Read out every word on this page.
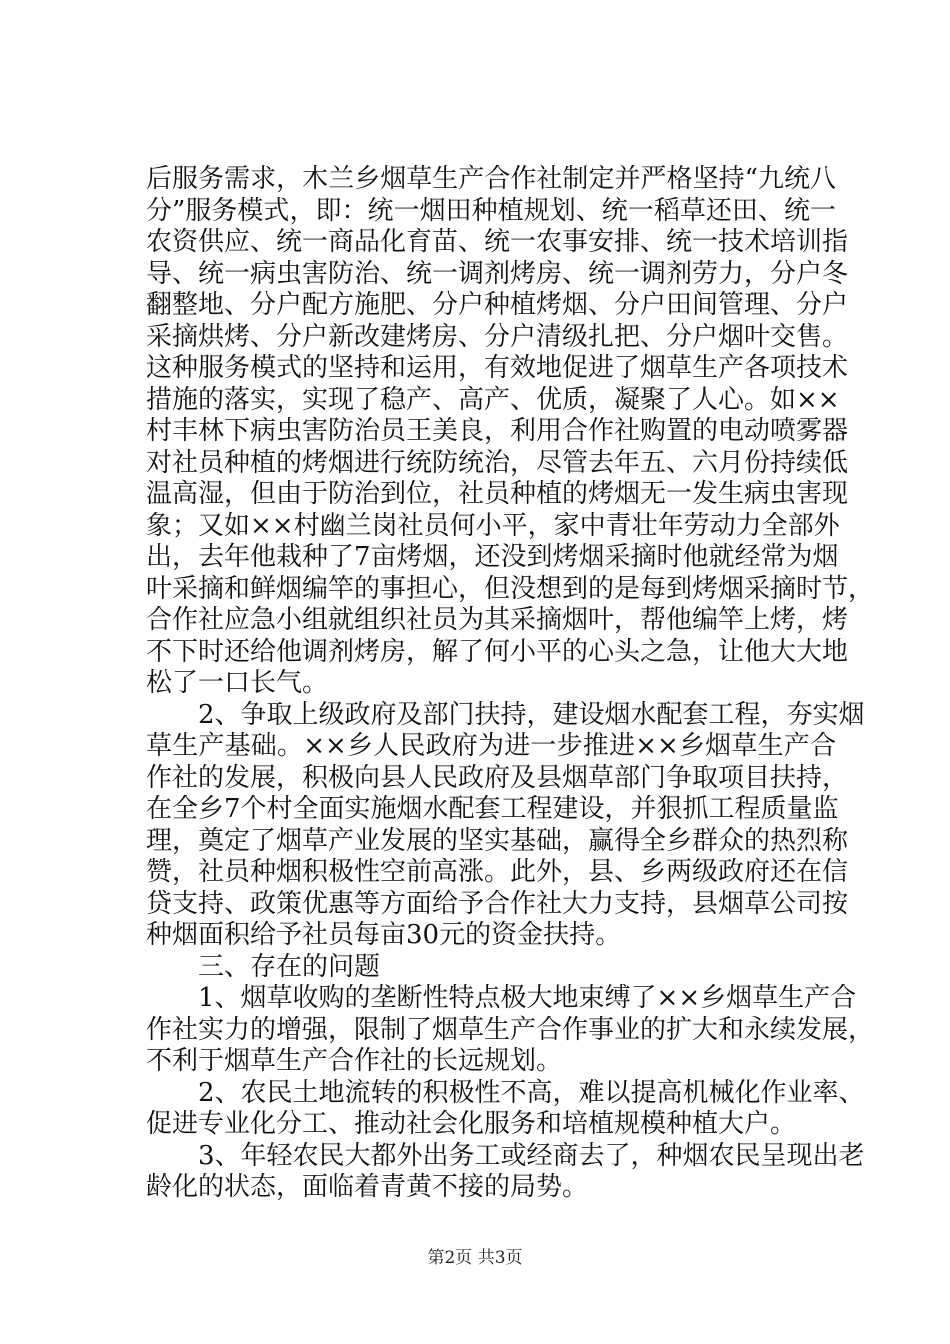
后服务需求，木兰乡烟草生产合作社制定并严格坚持“九统八
分”服务模式，即：统一烟田种植规划、统一稻草还田、统一
农资供应、统一商品化育苗、统一农事安排、统一技术培训指
导、统一病虫害防治、统一调剂烤房、统一调剂劳力，分户冬
翻整地、分户配方施肥、分户种植烤烟、分户田间管理、分户
采摘烘烤、分户新改建烤房、分户清级扎把、分户烟叶交售。
这种服务模式的坚持和运用，有效地促进了烟草生产各项技术
措施的落实，实现了稳产、高产、优质，凝聚了人心。如××
村丰林下病虫害防治员王美良，利用合作社购置的电动喷雾器
对社员种植的烤烟进行统防统治，尽管去年五、六月份持续低
温高湿，但由于防治到位，社员种植的烤烟无一发生病虫害现
象；又如××村幽兰岗社员何小平，家中青壮年劳动力全部外
出，去年他栽种了7亩烤烟，还没到烤烟采摘时他就经常为烟
叶采摘和鲜烟编竿的事担心，但没想到的是每到烤烟采摘时节，
合作社应急小组就组织社员为其采摘烟叶，帮他编竿上烤，烤
不下时还给他调剂烤房，解了何小平的心头之急，让他大大地
松了一口长气。
　　2、争取上级政府及部门扶持，建设烟水配套工程，夯实烟
草生产基础。××乡人民政府为进一步推进××乡烟草生产合
作社的发展，积极向县人民政府及县烟草部门争取项目扶持，
在全乡7个村全面实施烟水配套工程建设，并狠抓工程质量监
理，奠定了烟草产业发展的坚实基础，赢得全乡群众的热烈称
赞，社员种烟积极性空前高涨。此外，县、乡两级政府还在信
贷支持、政策优惠等方面给予合作社大力支持，县烟草公司按
种烟面积给予社员每亩30元的资金扶持。
　　三、存在的问题
　　1、烟草收购的垄断性特点极大地束缚了××乡烟草生产合
作社实力的增强，限制了烟草生产合作事业的扩大和永续发展，
不利于烟草生产合作社的长远规划。
　　2、农民土地流转的积极性不高，难以提高机械化作业率、
促进专业化分工、推动社会化服务和培植规模种植大户。
　　3、年轻农民大都外出务工或经商去了，种烟农民呈现出老
龄化的状态，面临着青黄不接的局势。
第2页 共3页
